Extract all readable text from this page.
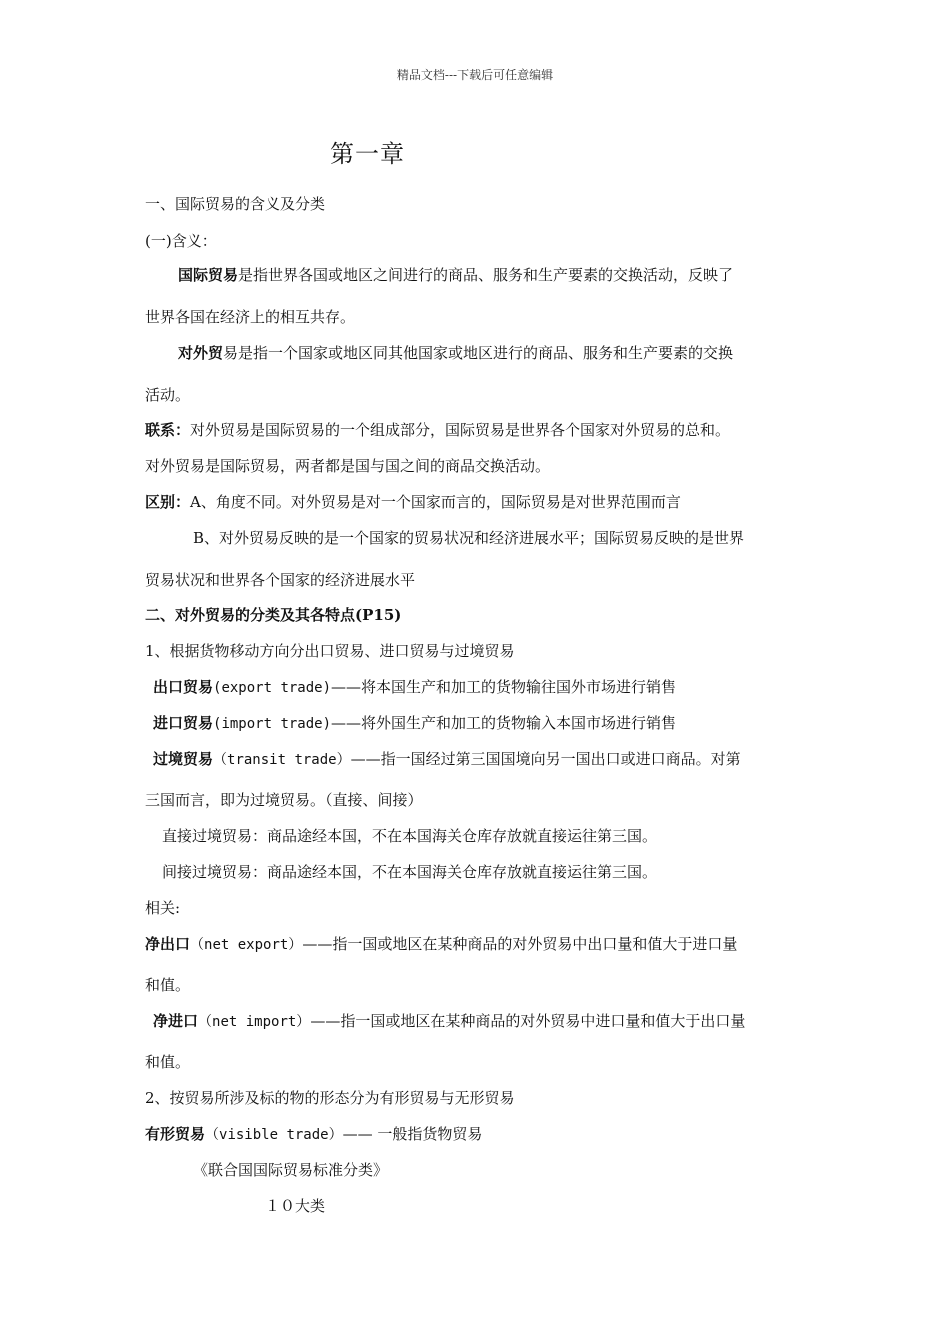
精品文档---下载后可任意编辑
第一章
一、国际贸易的含义及分类
(一)含义：
国际贸易是指世界各国或地区之间进行的商品、服务和生产要素的交换活动，反映了
世界各国在经济上的相互共存。
对外贸易是指一个国家或地区同其他国家或地区进行的商品、服务和生产要素的交换
活动。
联系：对外贸易是国际贸易的一个组成部分，国际贸易是世界各个国家对外贸易的总和。
对外贸易是国际贸易，两者都是国与国之间的商品交换活动。
区别：A、角度不同。对外贸易是对一个国家而言的，国际贸易是对世界范围而言
B、对外贸易反映的是一个国家的贸易状况和经济进展水平；国际贸易反映的是世界
贸易状况和世界各个国家的经济进展水平
二、对外贸易的分类及其各特点(P15)
1、根据货物移动方向分出口贸易、进口贸易与过境贸易
出口贸易(export trade)——将本国生产和加工的货物输往国外市场进行销售
进口贸易(import trade)——将外国生产和加工的货物输入本国市场进行销售
过境贸易（transit trade）——指一国经过第三国国境向另一国出口或进口商品。对第
三国而言，即为过境贸易。（直接、间接）
直接过境贸易：商品途经本国，不在本国海关仓库存放就直接运往第三国。
间接过境贸易：商品途经本国，不在本国海关仓库存放就直接运往第三国。
相关:
净出口（net export）——指一国或地区在某种商品的对外贸易中出口量和值大于进口量
和值。
净进口（net import）——指一国或地区在某种商品的对外贸易中进口量和值大于出口量
和值。
2、按贸易所涉及标的物的形态分为有形贸易与无形贸易
有形贸易（visible trade）—— 一般指货物贸易
《联合国国际贸易标准分类》
１０大类
